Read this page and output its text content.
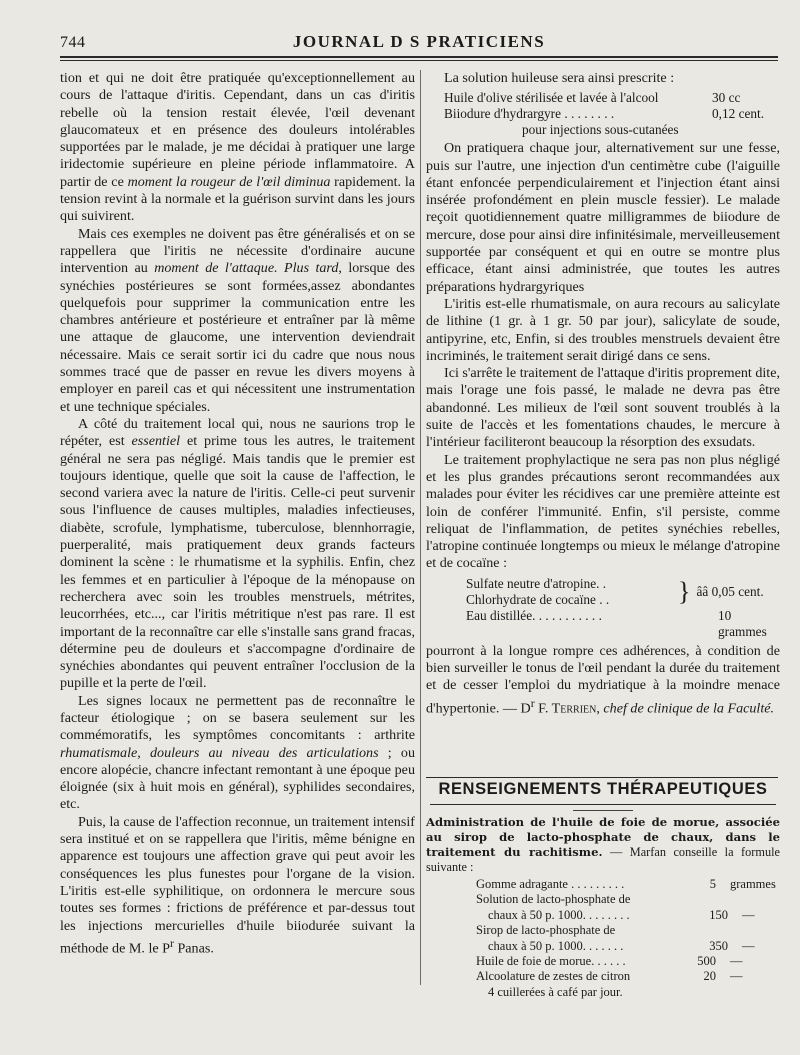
744	JOURNAL D S PRATICIENS

tion et qui ne doit être pratiquée qu'exceptionnellement au cours de l'attaque d'iritis. Cependant, dans un cas d'iritis rebelle où la tension restait élevée, l'œil devenant glaucomateux et en présence des douleurs intolérables supportées par le malade, je me décidai à pratiquer une large iridectomie supérieure en pleine période inflammatoire. A partir de ce moment la rougeur de l'œil diminua rapidement. la tension revint à la normale et la guérison survint dans les jours qui suivirent.

Mais ces exemples ne doivent pas être généralisés et on se rappellera que l'iritis ne nécessite d'ordinaire aucune intervention au moment de l'attaque. Plus tard, lorsque des synéchies postérieures se sont formées,assez abondantes quelquefois pour supprimer la communication entre les chambres antérieure et postérieure et entraîner par là même une attaque de glaucome, une intervention deviendrait nécessaire. Mais ce serait sortir ici du cadre que nous nous sommes tracé que de passer en revue les divers moyens à employer en pareil cas et qui nécessitent une instrumentation et une technique spéciales.

A côté du traitement local qui, nous ne saurions trop le répéter, est essentiel et prime tous les autres, le traitement général ne sera pas négligé. Mais tandis que le premier est toujours identique, quelle que soit la cause de l'affection, le second variera avec la nature de l'iritis. Celle-ci peut survenir sous l'influence de causes multiples, maladies infectieuses, diabète, scrofule, lymphatisme, tuberculose, blennhorragie, puerperalité, mais pratiquement deux grands facteurs dominent la scène : le rhumatisme et la syphilis. Enfin, chez les femmes et en particulier à l'époque de la ménopause on recherchera avec soin les troubles menstruels, métrites, leucorrhées, etc..., car l'iritis métritique n'est pas rare. Il est important de la reconnaître car elle s'installe sans grand fracas, détermine peu de douleurs et s'accompagne d'ordinaire de synéchies abondantes qui peuvent entraîner l'occlusion de la pupille et la perte de l'œil.

Les signes locaux ne permettent pas de reconnaître le facteur étiologique ; on se basera seulement sur les commémoratifs, les symptômes concomitants : arthrite rhumatismale, douleurs au niveau des articulations ; ou encore alopécie, chancre infectant remontant à une époque peu éloignée (six à huit mois en général), syphilides secondaires, etc.

Puis, la cause de l'affection reconnue, un traitement intensif sera institué et on se rappellera que l'iritis, même bénigne en apparence est toujours une affection grave qui peut avoir les conséquences les plus funestes pour l'organe de la vision. L'iritis est-elle syphilitique, on ordonnera le mercure sous toutes ses formes : frictions de préférence et par-dessus tout les injections mercurielles d'huile biiodurée suivant la méthode de M. le $P^r$ Panas.

La solution huileuse sera ainsi prescrite :

Huile d'olive stérilisée et lavée à l'alcool	30 cc
Biiodure d'hydrargyre . . . . . . . .	0,12 cent.
pour injections sous-cutanées

On pratiquera chaque jour, alternativement sur une fesse, puis sur l'autre, une injection d'un centimètre cube (l'aiguille étant enfoncée perpendiculairement et l'injection étant ainsi insérée profondément en plein muscle fessier). Le malade reçoit quotidiennement quatre milligrammes de biiodure de mercure, dose pour ainsi dire infinitésimale, merveilleusement supportée par conséquent et qui en outre se montre plus efficace, étant ainsi administrée, que toutes les autres préparations hydrargyriques

L'iritis est-elle rhumatismale, on aura recours au salicylate de lithine (1 gr. à 1 gr. 50 par jour), salicylate de soude, antipyrine, etc, Enfin, si des troubles menstruels devaient être incriminés, le traitement serait dirigé dans ce sens.

Ici s'arrête le traitement de l'attaque d'iritis proprement dite, mais l'orage une fois passé, le malade ne devra pas être abandonné. Les milieux de l'œil sont souvent troublés à la suite de l'accès et les fomentations chaudes, le mercure à l'intérieur faciliteront beaucoup la résorption des exsudats.

Le traitement prophylactique ne sera pas non plus négligé et les plus grandes précautions seront recommandées aux malades pour éviter les récidives car une première atteinte est loin de conférer l'immunité. Enfin, s'il persiste, comme reliquat de l'inflammation, de petites synéchies rebelles, l'atropine continuée longtemps ou mieux le mélange d'atropine et de cocaïne :

Sulfate neutre d'atropine. .
Chlorhydrate de cocaïne . .	} ââ 0,05 cent.
Eau distillée. . . . . . . . . . .	10 grammes

pourront à la longue rompre ces adhérences, à condition de bien surveiller le tonus de l'œil pendant la durée du traitement et de cesser l'emploi du mydriatique à la moindre menace d'hypertonie. — $D^r$ F. Terrien, chef de clinique de la Faculté.

RENSEIGNEMENTS THÉRAPEUTIQUES
Administration de l'huile de foie de morue, associée au sirop de lacto-phosphate de chaux, dans le traitement du rachitisme. — Marfan conseille la formule suivante :
Gomme adragante . . . . . . . . .	5	grammes
Solution de lacto-phosphate de
chaux à 50 p. 1000. . . . . . . .	150	—
Sirop de lacto-phosphate de
chaux à 50 p. 1000. . . . . . .	350	—
Huile de foie de morue. . . . . .	500	—
Alcoolature de zestes de citron	20	—
4 cuillerées à café par jour.
